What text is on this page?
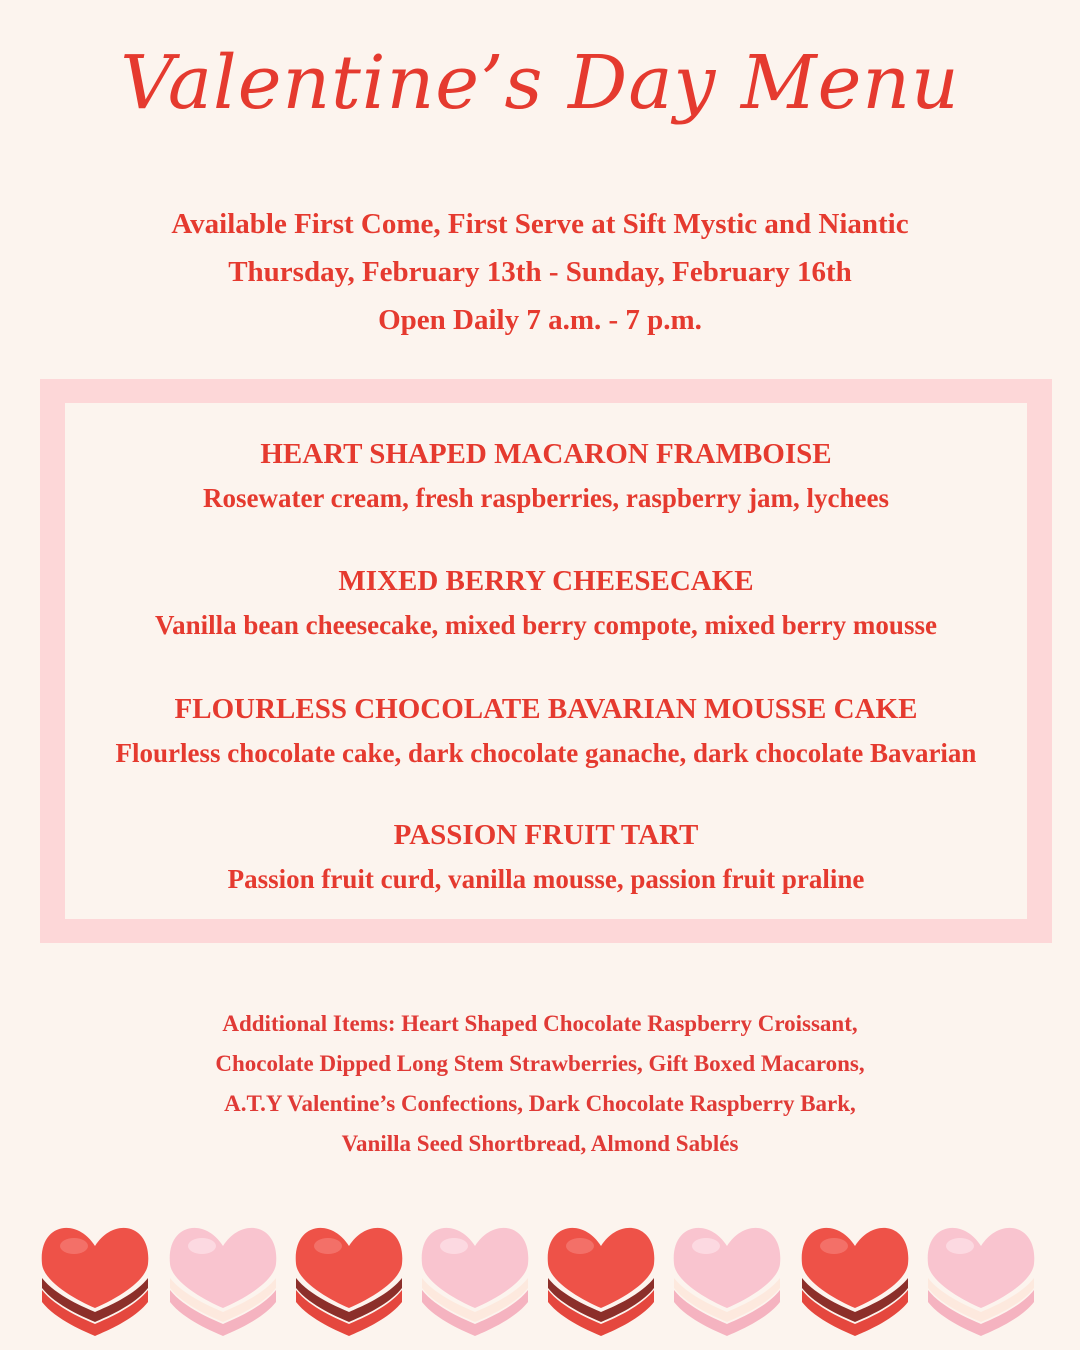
Valentine’s Day Menu
Available First Come, First Serve at Sift Mystic and Niantic
Thursday, February 13th - Sunday, February 16th
Open Daily 7 a.m. - 7 p.m.
HEART SHAPED MACARON FRAMBOISE
Rosewater cream, fresh raspberries, raspberry jam, lychees
MIXED BERRY CHEESECAKE
Vanilla bean cheesecake, mixed berry compote, mixed berry mousse
FLOURLESS CHOCOLATE BAVARIAN MOUSSE CAKE
Flourless chocolate cake, dark chocolate ganache, dark chocolate Bavarian
PASSION FRUIT TART
Passion fruit curd, vanilla mousse, passion fruit praline
Additional Items: Heart Shaped Chocolate Raspberry Croissant,
Chocolate Dipped Long Stem Strawberries, Gift Boxed Macarons,
A.T.Y Valentine’s Confections, Dark Chocolate Raspberry Bark,
Vanilla Seed Shortbread, Almond Sablés
